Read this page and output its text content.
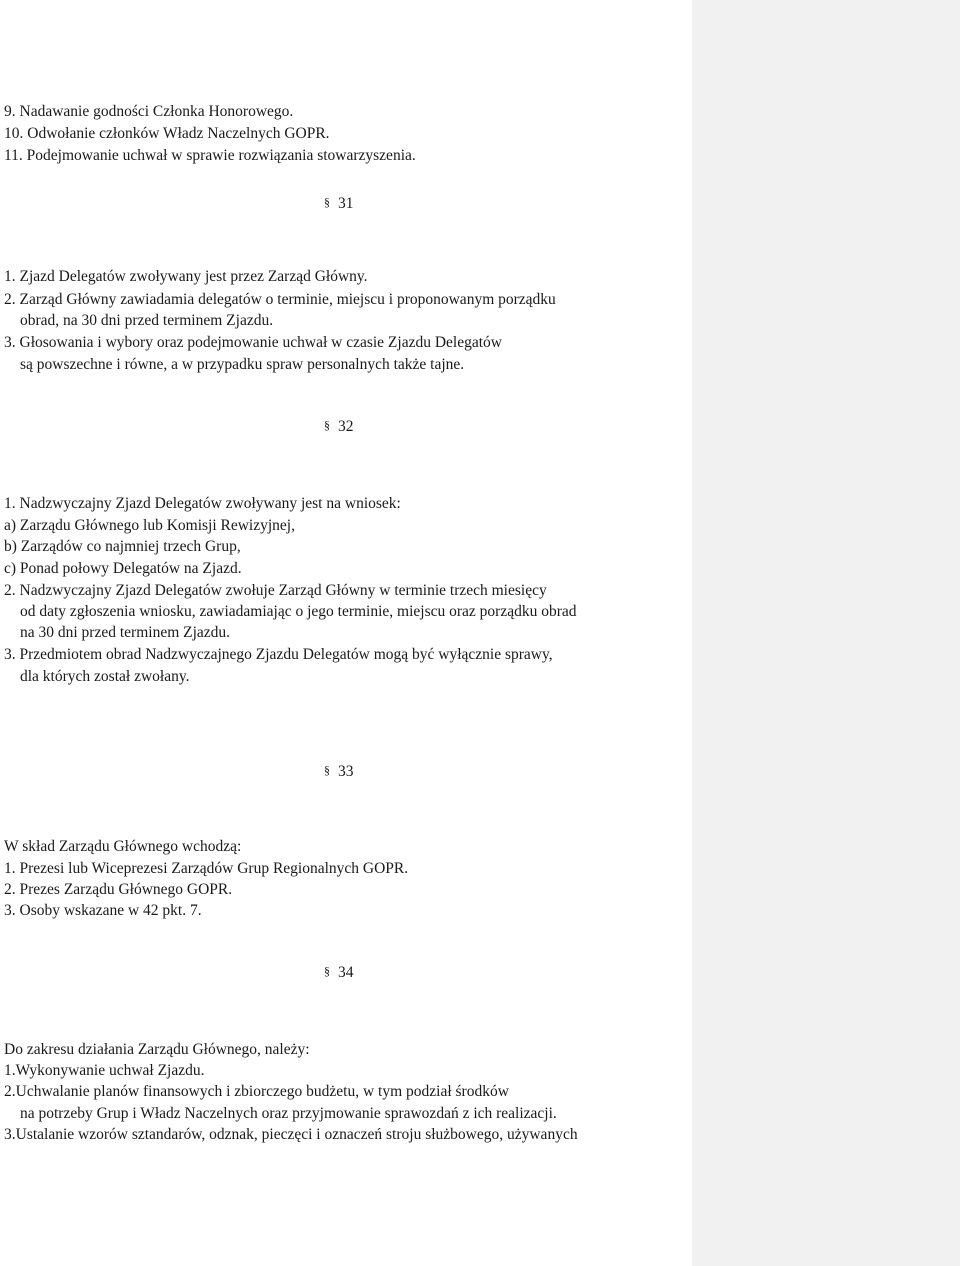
9. Nadawanie godności Członka Honorowego.
10. Odwołanie członków Władz Naczelnych GOPR.
11. Podejmowanie uchwał w sprawie rozwiązania stowarzyszenia.
§ 31
1. Zjazd Delegatów zwoływany jest przez Zarząd Główny.
2. Zarząd Główny zawiadamia delegatów o terminie, miejscu i proponowanym porządku
obrad, na 30 dni przed terminem Zjazdu.
3. Głosowania i wybory oraz podejmowanie uchwał w czasie Zjazdu Delegatów
są powszechne i równe, a w przypadku spraw personalnych także tajne.
§ 32
1. Nadzwyczajny Zjazd Delegatów zwoływany jest na wniosek:
a) Zarządu Głównego lub Komisji Rewizyjnej,
b) Zarządów co najmniej trzech Grup,
c) Ponad połowy Delegatów na Zjazd.
2. Nadzwyczajny Zjazd Delegatów zwołuje Zarząd Główny w terminie trzech miesięcy
od daty zgłoszenia wniosku, zawiadamiając o jego terminie, miejscu oraz porządku obrad
na 30 dni przed terminem Zjazdu.
3. Przedmiotem obrad Nadzwyczajnego Zjazdu Delegatów mogą być wyłącznie sprawy,
dla których został zwołany.
§ 33
W skład Zarządu Głównego wchodzą:
1. Prezesi lub Wiceprezesi Zarządów Grup Regionalnych GOPR.
2. Prezes Zarządu Głównego GOPR.
3. Osoby wskazane w 42 pkt. 7.
§ 34
Do zakresu działania Zarządu Głównego, należy:
1.Wykonywanie uchwał Zjazdu.
2.Uchwalanie planów finansowych i zbiorczego budżetu, w tym podział środków
na potrzeby Grup i Władz Naczelnych oraz przyjmowanie sprawozdań z ich realizacji.
3.Ustalanie wzorów sztandarów, odznak, pieczęci i oznaczeń stroju służbowego, używanych
